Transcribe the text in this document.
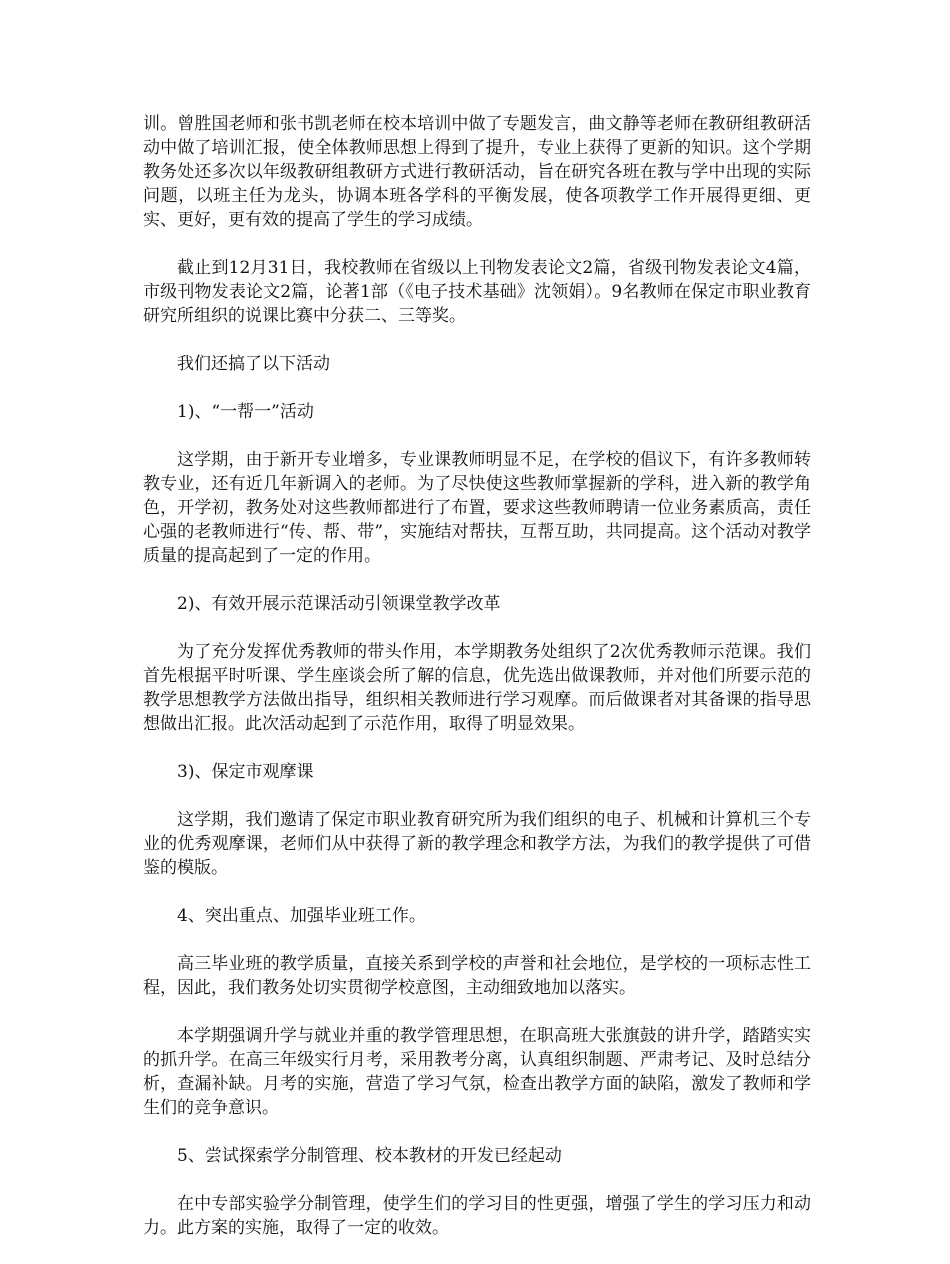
训。曾胜国老师和张书凯老师在校本培训中做了专题发言，曲文静等老师在教研组教研活动中做了培训汇报，使全体教师思想上得到了提升，专业上获得了更新的知识。这个学期教务处还多次以年级教研组教研方式进行教研活动，旨在研究各班在教与学中出现的实际问题，以班主任为龙头，协调本班各学科的平衡发展，使各项教学工作开展得更细、更实、更好，更有效的提高了学生的学习成绩。

截止到12月31日，我校教师在省级以上刊物发表论文2篇，省级刊物发表论文4篇，市级刊物发表论文2篇，论著1部（《电子技术基础》沈领娟）。9名教师在保定市职业教育研究所组织的说课比赛中分获二、三等奖。

我们还搞了以下活动

1)、“一帮一”活动

这学期，由于新开专业增多，专业课教师明显不足，在学校的倡议下，有许多教师转教专业，还有近几年新调入的老师。为了尽快使这些教师掌握新的学科，进入新的教学角色，开学初，教务处对这些教师都进行了布置，要求这些教师聘请一位业务素质高，责任心强的老教师进行“传、帮、带”，实施结对帮扶，互帮互助，共同提高。这个活动对教学质量的提高起到了一定的作用。

2)、有效开展示范课活动引领课堂教学改革

为了充分发挥优秀教师的带头作用，本学期教务处组织了2次优秀教师示范课。我们首先根据平时听课、学生座谈会所了解的信息，优先选出做课教师，并对他们所要示范的教学思想教学方法做出指导，组织相关教师进行学习观摩。而后做课者对其备课的指导思想做出汇报。此次活动起到了示范作用，取得了明显效果。

3)、保定市观摩课

这学期，我们邀请了保定市职业教育研究所为我们组织的电子、机械和计算机三个专业的优秀观摩课，老师们从中获得了新的教学理念和教学方法，为我们的教学提供了可借鉴的模版。

4、突出重点、加强毕业班工作。

高三毕业班的教学质量，直接关系到学校的声誉和社会地位，是学校的一项标志性工程，因此，我们教务处切实贯彻学校意图，主动细致地加以落实。

本学期强调升学与就业并重的教学管理思想，在职高班大张旗鼓的讲升学，踏踏实实的抓升学。在高三年级实行月考，采用教考分离，认真组织制题、严肃考记、及时总结分析，查漏补缺。月考的实施，营造了学习气氛，检查出教学方面的缺陷，激发了教师和学生们的竞争意识。

5、尝试探索学分制管理、校本教材的开发已经起动

在中专部实验学分制管理，使学生们的学习目的性更强，增强了学生的学习压力和动力。此方案的实施，取得了一定的收效。
